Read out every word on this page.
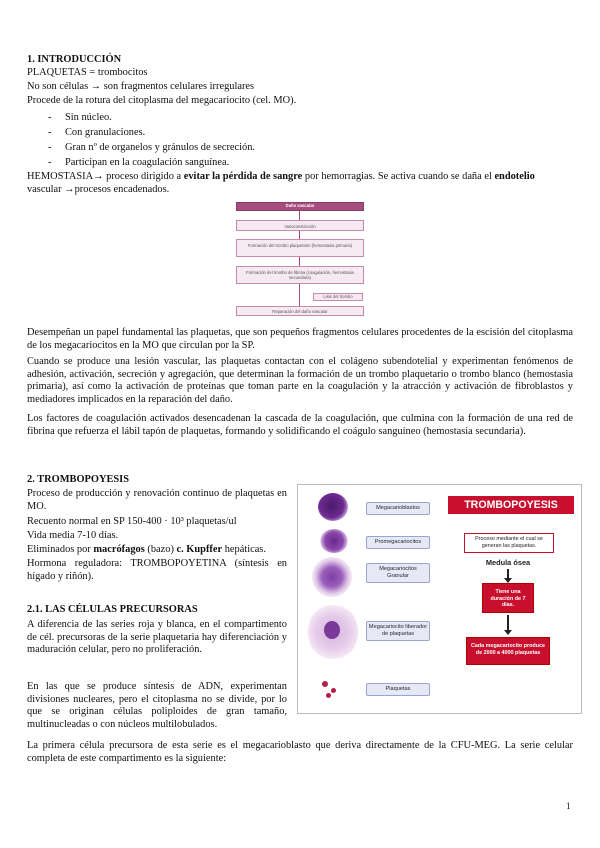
1. INTRODUCCIÓN
PLAQUETAS = trombocitos
No son células → son fragmentos celulares irregulares
Procede de la rotura del citoplasma del megacariocito (cel. MO).
- Sin núcleo.
- Con granulaciones.
- Gran nº de organelos y gránulos de secreción.
- Participan en la coagulación sanguínea.
HEMOSTASIA→ proceso dirigido a evitar la pérdida de sangre por hemorragias. Se activa cuando se daña el endotelio
vascular →procesos encadenados.
Daño vascular
Vasoconstricción
Formación del trombo plaquetario (hemostasia primaria)
Formación del trombo de fibrina (coagulación, hemostasia secundaria)
Lisis del trombo
Reparación del daño vascular
Desempeñan un papel fundamental las plaquetas, que son pequeños fragmentos celulares procedentes de la escisión del citoplasma de los megacariocitos en la MO que circulan por la SP.
Cuando se produce una lesión vascular, las plaquetas contactan con el colágeno subendotelial y experimentan fenómenos de adhesión, activación, secreción y agregación, que determinan la formación de un trombo plaquetario o trombo blanco (hemostasia primaria), así como la activación de proteínas que toman parte en la coagulación y la atracción y activación de fibroblastos y mediadores implicados en la reparación del daño.
Los factores de coagulación activados desencadenan la cascada de la coagulación, que culmina con la formación de una red de fibrina que refuerza el lábil tapón de plaquetas, formando y solidificando el coágulo sanguíneo (hemostasia secundaria).
2. TROMBOPOYESIS
Proceso de producción y renovación continuo de plaquetas en MO.
Recuento normal en SP 150-400 · 10³ plaquetas/ul
Vida media 7-10 días.
Eliminados por macrófagos (bazo) c. Kupffer hepáticas.
Hormona reguladora: TROMBOPOYETINA (síntesis en hígado y riñón).
2.1. LAS CÉLULAS PRECURSORAS
A diferencia de las series roja y blanca, en el compartimento de cél. precursoras de la serie plaquetaria hay diferenciación y maduración celular, pero no proliferación.
En las que se produce síntesis de ADN, experimentan divisiones nucleares, pero el citoplasma no se divide, por lo que se originan células poliploides de gran tamaño, multinucleadas o con núcleos multilobulados.
La primera célula precursora de esta serie es el megacarioblasto que deriva directamente de la CFU-MEG. La serie celular completa de este compartimento es la siguiente:
Megacarioblastos
Promegacariocitos
Megacariocitos Granular
Megacariocito liberador de plaquetas
Plaquetas
TROMBOPOYESIS
Proceso mediante el cual se generan las plaquetas.
Medula ósea
Tiene una duración de 7 días.
Cada megacariocito produce de 2000 a 4000 plaquetas
1
